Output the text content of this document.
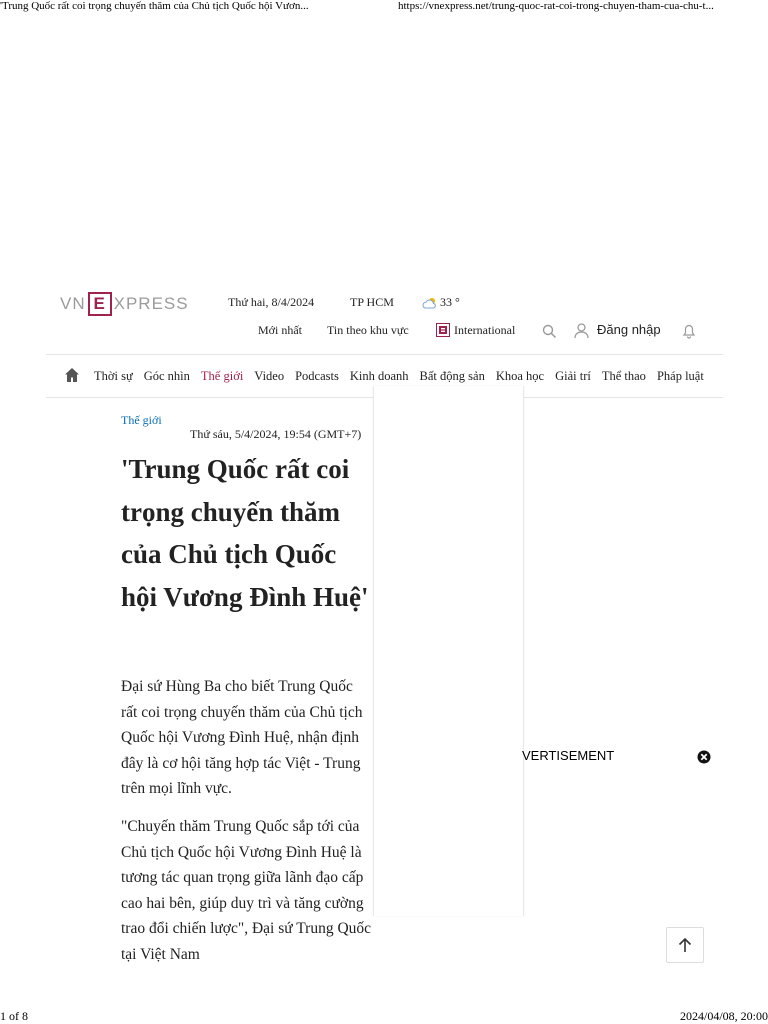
'Trung Quốc rất coi trọng chuyến thăm của Chủ tịch Quốc hội Vươn...	https://vnexpress.net/trung-quoc-rat-coi-trong-chuyen-tham-cua-chu-t...
VN E XPRESS	Thứ hai, 8/4/2024	TP HCM	33 °
Mới nhất Tin theo khu vực	International	Đăng nhập
Thời sự Góc nhìn Thế giới Video Podcasts Kinh doanh Bất động sản Khoa học Giải trí Thể thao Pháp luật
Thế giới
Thứ sáu, 5/4/2024, 19:54 (GMT+7)
'Trung Quốc rất coi trọng chuyến thăm của Chủ tịch Quốc hội Vương Đình Huệ'

Đại sứ Hùng Ba cho biết Trung Quốc rất coi trọng chuyến thăm của Chủ tịch Quốc hội Vương Đình Huệ, nhận định đây là cơ hội tăng hợp tác Việt - Trung trên mọi lĩnh vực.

"Chuyến thăm Trung Quốc sắp tới của Chủ tịch Quốc hội Vương Đình Huệ là tương tác quan trọng giữa lãnh đạo cấp cao hai bên, giúp duy trì và tăng cường trao đổi chiến lược", Đại sứ Trung Quốc tại Việt Nam

VERTISEMENT
1 of 8	2024/04/08, 20:00
